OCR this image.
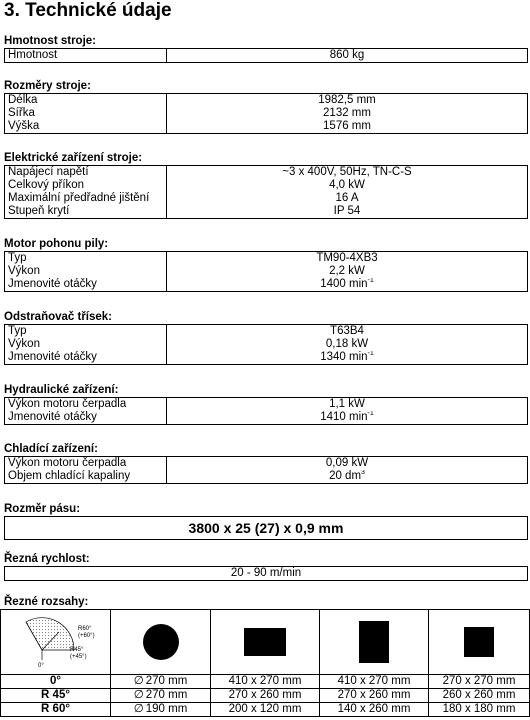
3. Technické údaje
Hmotnost stroje:
Hmotnost	860 kg
Rozměry stroje:
Délka	1982,5 mm
Šířka	2132 mm
Výška	1576 mm
Elektrické zařízení stroje:
Napájecí napětí	~3 x 400V, 50Hz, TN-C-S
Celkový příkon	4,0 kW
Maximální předřadné jištění	16 A
Stupeň krytí	IP 54
Motor pohonu pily:
Typ	TM90-4XB3
Výkon	2,2 kW
Jmenovité otáčky	1400 $\min^{-1}$
Odstraňovač třísek:
Typ	T63B4
Výkon	0,18 kW
Jmenovité otáčky	1340 $\min^{-1}$
Hydraulické zařízení:
Výkon motoru čerpadla	1,1 kW
Jmenovité otáčky	1410 $\min^{-1}$
Chladící zařízení:
Výkon motoru čerpadla	0,09 kW
Objem chladící kapaliny	20 $dm^3$
Rozměr pásu:
3800 x 25 (27) x 0,9 mm
Řezná rychlost:
20 - 90 m/min
Řezné rozsahy:
R60°
(+60°)
R45°
(+45°)
0°				

0°	∅ 270 mm	410 x 270 mm	410 x 270 mm	270 x 270 mm
R 45°	∅ 270 mm	270 x 260 mm	270 x 260 mm	260 x 260 mm
R 60°	∅ 190 mm	200 x 120 mm	140 x 260 mm	180 x 180 mm
